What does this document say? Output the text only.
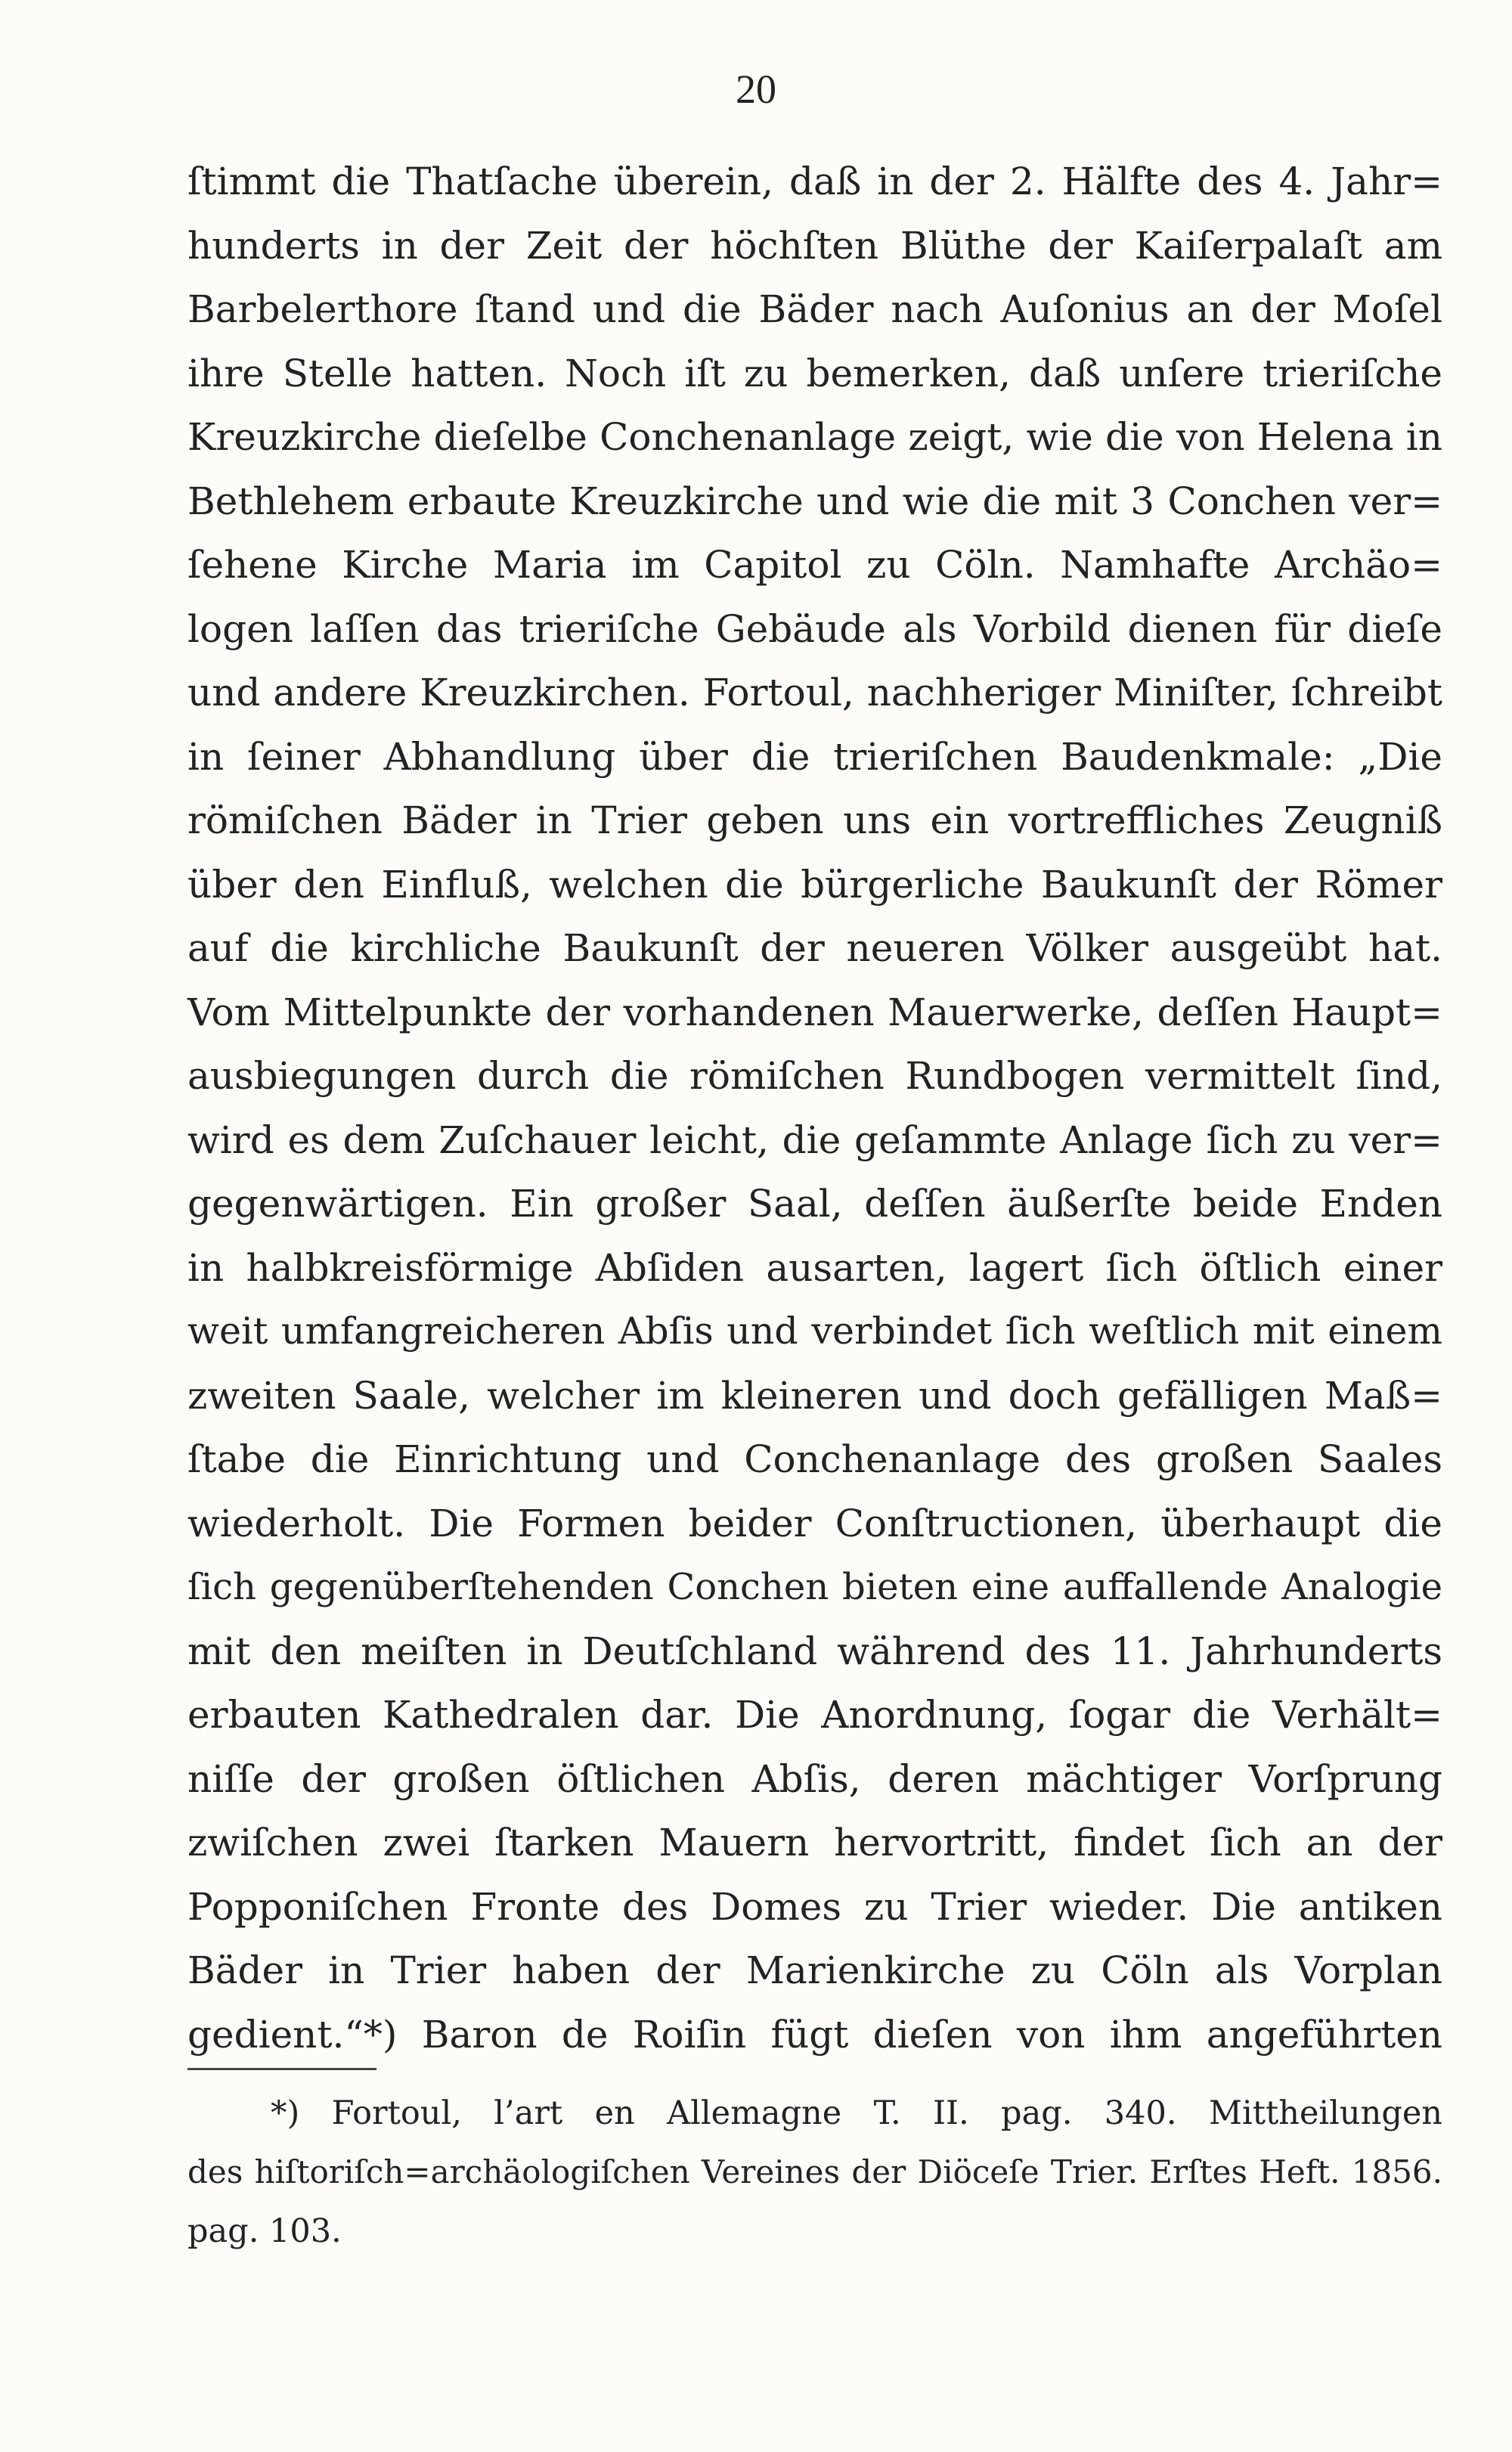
20
ſtimmt die Thatſache überein, daß in der 2. Hälfte des 4. Jahr=
hunderts in der Zeit der höchſten Blüthe der Kaiſerpalaſt am
Barbelerthore ſtand und die Bäder nach Auſonius an der Moſel
ihre Stelle hatten. Noch iſt zu bemerken, daß unſere trieriſche
Kreuzkirche dieſelbe Conchenanlage zeigt, wie die von Helena in
Bethlehem erbaute Kreuzkirche und wie die mit 3 Conchen ver=
ſehene Kirche Maria im Capitol zu Cöln. Namhafte Archäo=
logen laſſen das trieriſche Gebäude als Vorbild dienen für dieſe
und andere Kreuzkirchen. Fortoul, nachheriger Miniſter, ſchreibt
in ſeiner Abhandlung über die trieriſchen Baudenkmale: „Die
römiſchen Bäder in Trier geben uns ein vortreffliches Zeugniß
über den Einfluß, welchen die bürgerliche Baukunſt der Römer
auf die kirchliche Baukunſt der neueren Völker ausgeübt hat.
Vom Mittelpunkte der vorhandenen Mauerwerke, deſſen Haupt=
ausbiegungen durch die römiſchen Rundbogen vermittelt ſind,
wird es dem Zuſchauer leicht, die geſammte Anlage ſich zu ver=
gegenwärtigen. Ein großer Saal, deſſen äußerſte beide Enden
in halbkreisförmige Abſiden ausarten, lagert ſich öſtlich einer
weit umfangreicheren Abſis und verbindet ſich weſtlich mit einem
zweiten Saale, welcher im kleineren und doch gefälligen Maß=
ſtabe die Einrichtung und Conchenanlage des großen Saales
wiederholt. Die Formen beider Conſtructionen, überhaupt die
ſich gegenüberſtehenden Conchen bieten eine auffallende Analogie
mit den meiſten in Deutſchland während des 11. Jahrhunderts
erbauten Kathedralen dar. Die Anordnung, ſogar die Verhält=
niſſe der großen öſtlichen Abſis, deren mächtiger Vorſprung
zwiſchen zwei ſtarken Mauern hervortritt, findet ſich an der
Popponiſchen Fronte des Domes zu Trier wieder. Die antiken
Bäder in Trier haben der Marienkirche zu Cöln als Vorplan
gedient.“*) Baron de Roiſin fügt dieſen von ihm angeführten
*) Fortoul, l’art en Allemagne T. II. pag. 340. Mittheilungen
des hiſtoriſch=archäologiſchen Vereines der Diöceſe Trier. Erſtes Heft. 1856.
pag. 103.
